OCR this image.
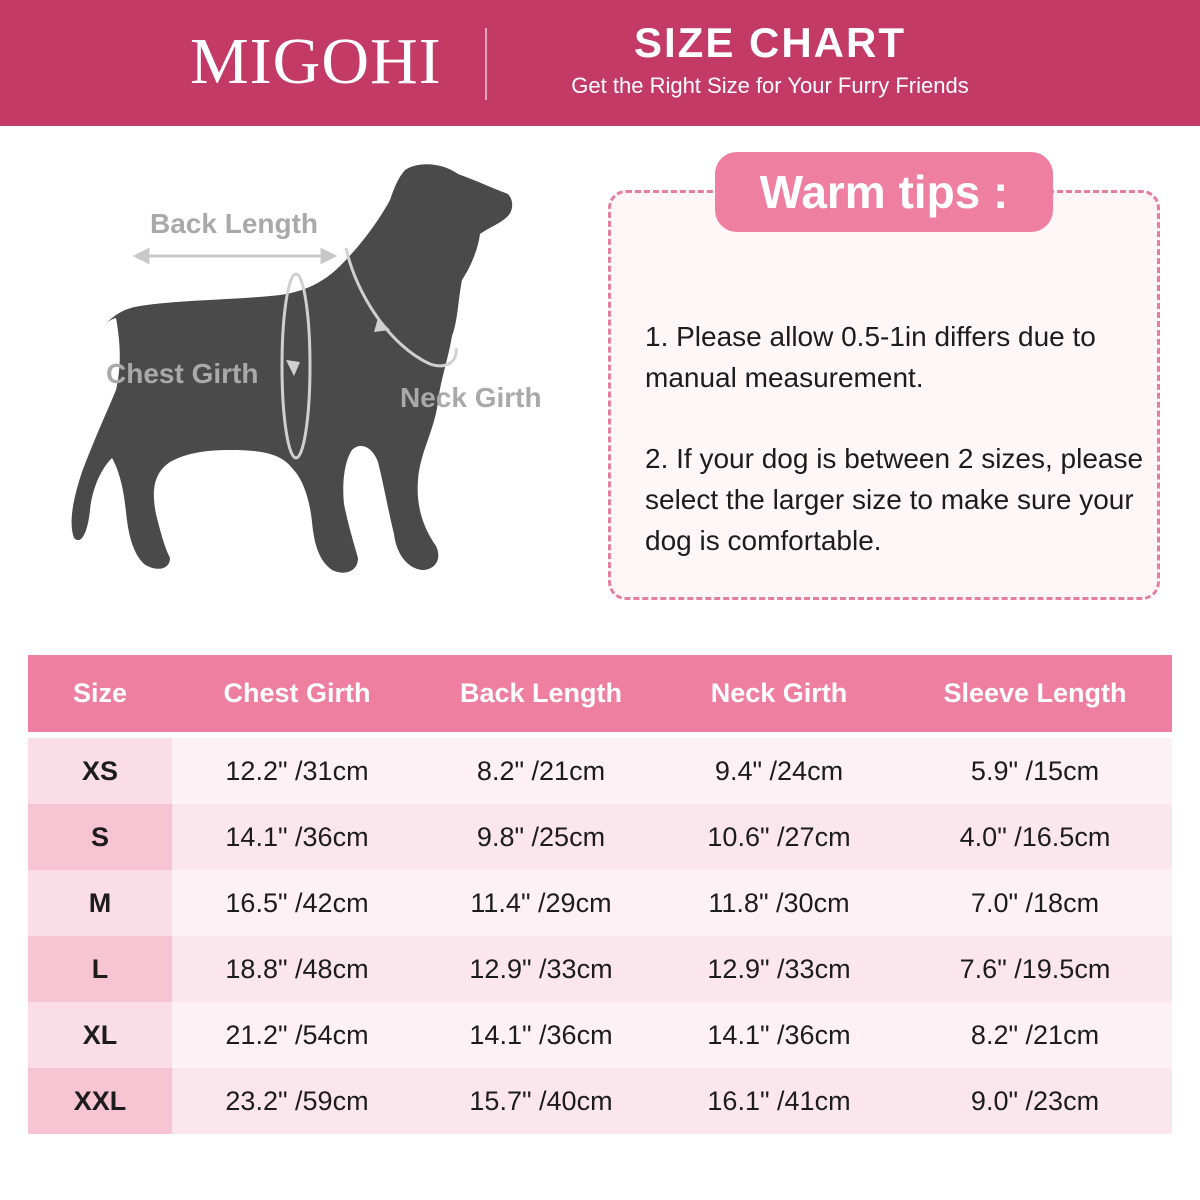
MIGOHI	SIZE CHART
Get the Right Size for Your Furry Friends
Back Length
Chest Girth
Neck Girth
Warm tips :
1. Please allow 0.5-1in differs due to manual measurement.
2. If your dog is between 2 sizes, please select the larger size to make sure your dog is comfortable.
Size	Chest Girth	Back Length	Neck Girth	Sleeve Length
XS	12.2" /31cm	8.2" /21cm	9.4" /24cm	5.9" /15cm
S	14.1" /36cm	9.8" /25cm	10.6" /27cm	4.0" /16.5cm
M	16.5" /42cm	11.4" /29cm	11.8" /30cm	7.0" /18cm
L	18.8" /48cm	12.9" /33cm	12.9" /33cm	7.6" /19.5cm
XL	21.2" /54cm	14.1" /36cm	14.1" /36cm	8.2" /21cm
XXL	23.2" /59cm	15.7" /40cm	16.1" /41cm	9.0" /23cm
